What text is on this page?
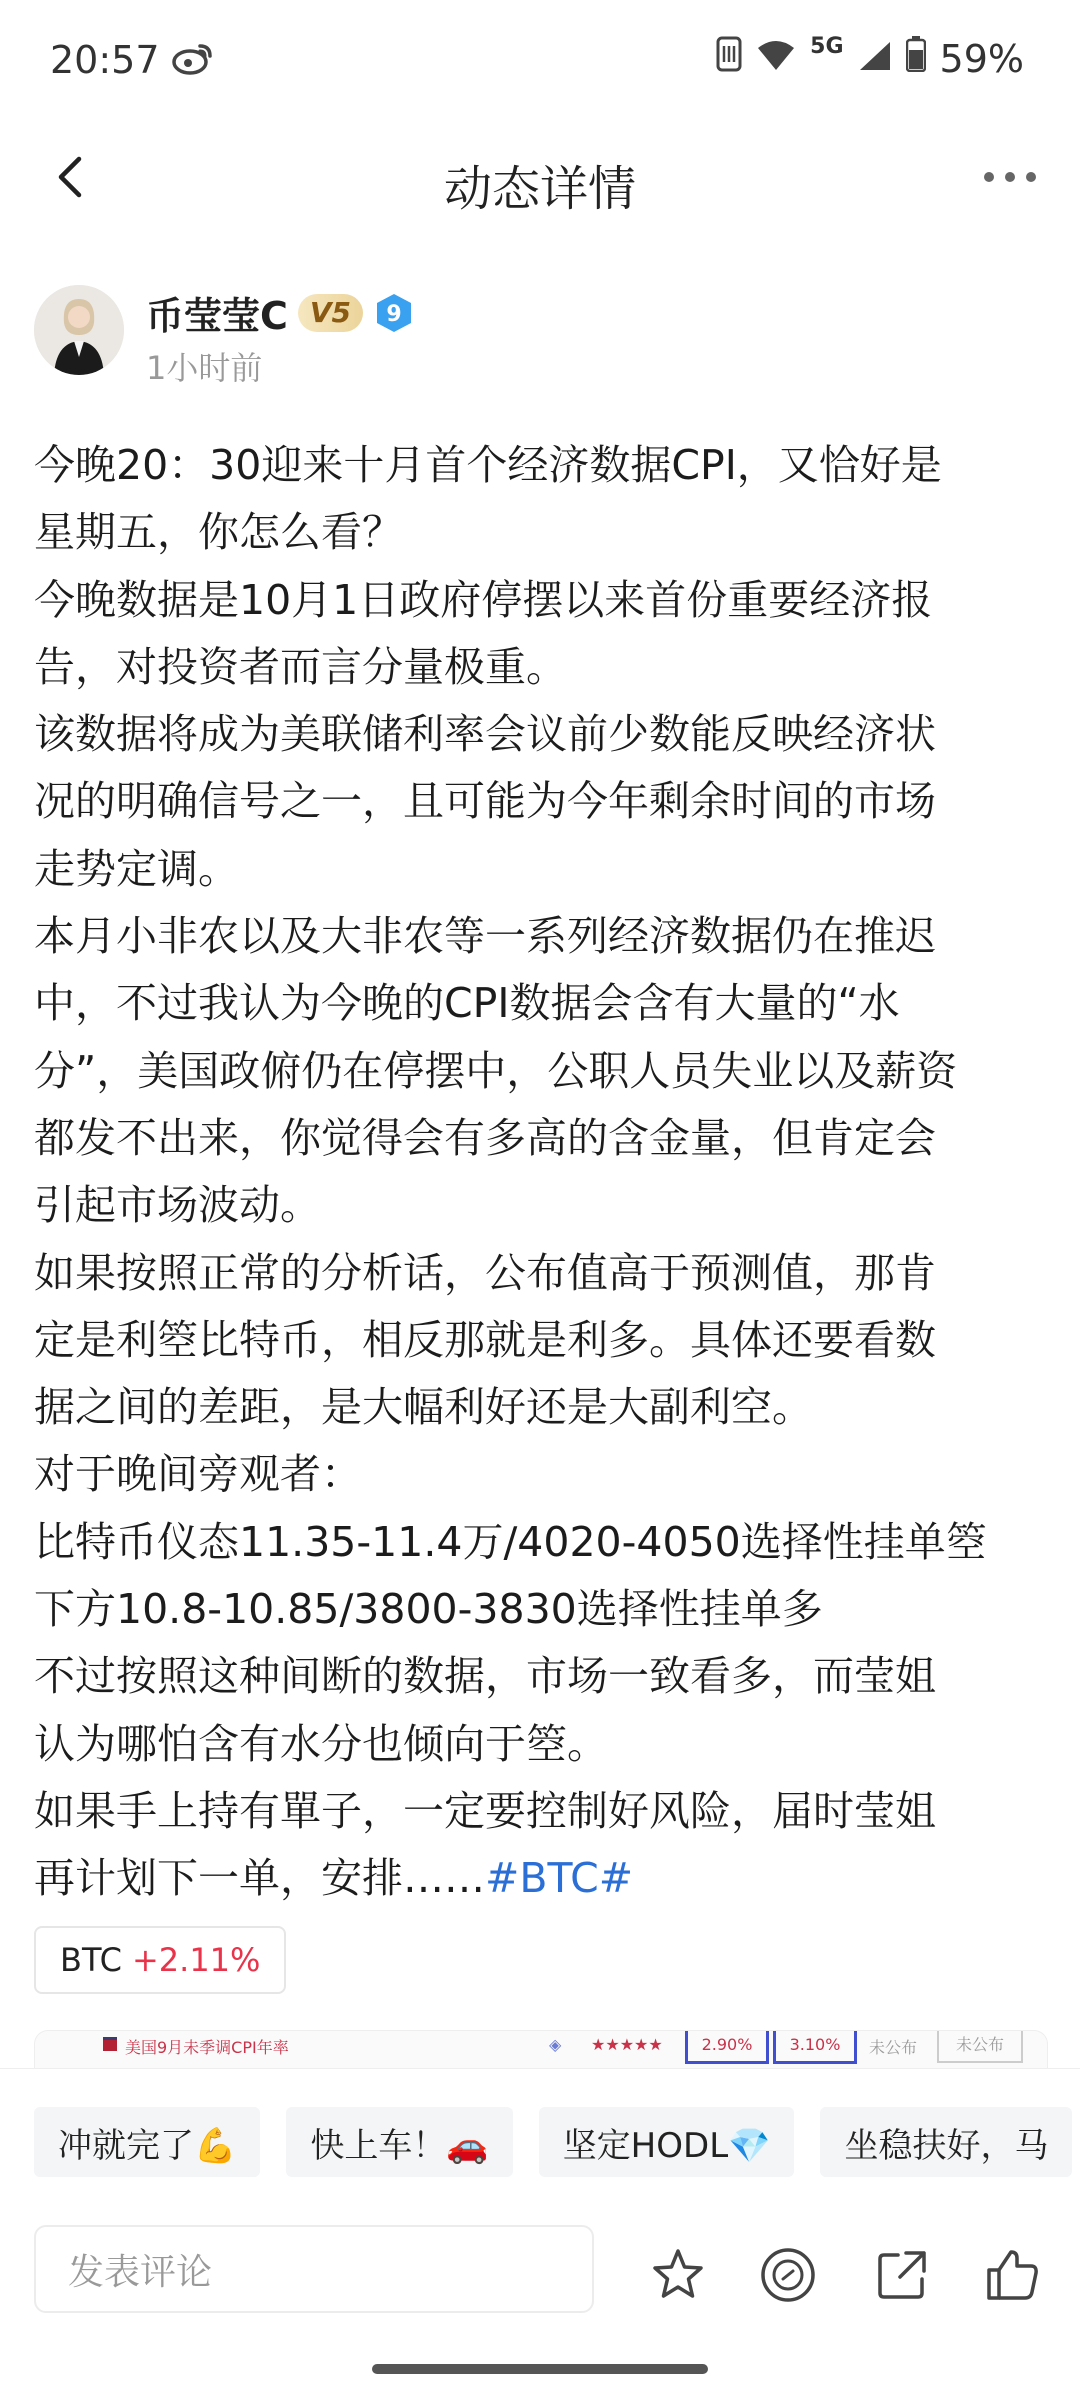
20:57	5G	59%
动态详情
币莹莹C V5	9
1小时前

今晚20：30迎来十月首个经济数据CPI，又恰好是

星期五，你怎么看？

今晚数据是10月1日政府停摆以来首份重要经济报

告，对投资者而言分量极重。

该数据将成为美联储利率会议前少数能反映经济状

况的明确信号之一，且可能为今年剩余时间的市场

走势定调。

本月小非农以及大非农等一系列经济数据仍在推迟

中，不过我认为今晚的CPI数据会含有大量的“水

分”，美国政俯仍在停摆中，公职人员失业以及薪资

都发不出来，你觉得会有多高的含金量，但肯定会

引起市场波动。

如果按照正常的分析话，公布值高于预测值，那肯

定是利箜比特币，相反那就是利多。具体还要看数

据之间的差距，是大幅利好还是大副利空。

对于晚间旁观者：

比特币仪态11.35-11.4万/4020-4050选择性挂单箜

下方10.8-10.85/3800-3830选择性挂单多

不过按照这种间断的数据，市场一致看多，而莹姐

认为哪怕含有水分也倾向于箜。

如果手上持有單子，一定要控制好风险，届时莹姐

再计划下一单，安排……#BTC#

BTC +2.11%
美国9月未季调CPI年率	◈ ★★★★★	2.90%	3.10%	未公布	未公布
冲就完了💪	快上车！🚗	坚定HODL💎	坐稳扶好，马
发表评论
